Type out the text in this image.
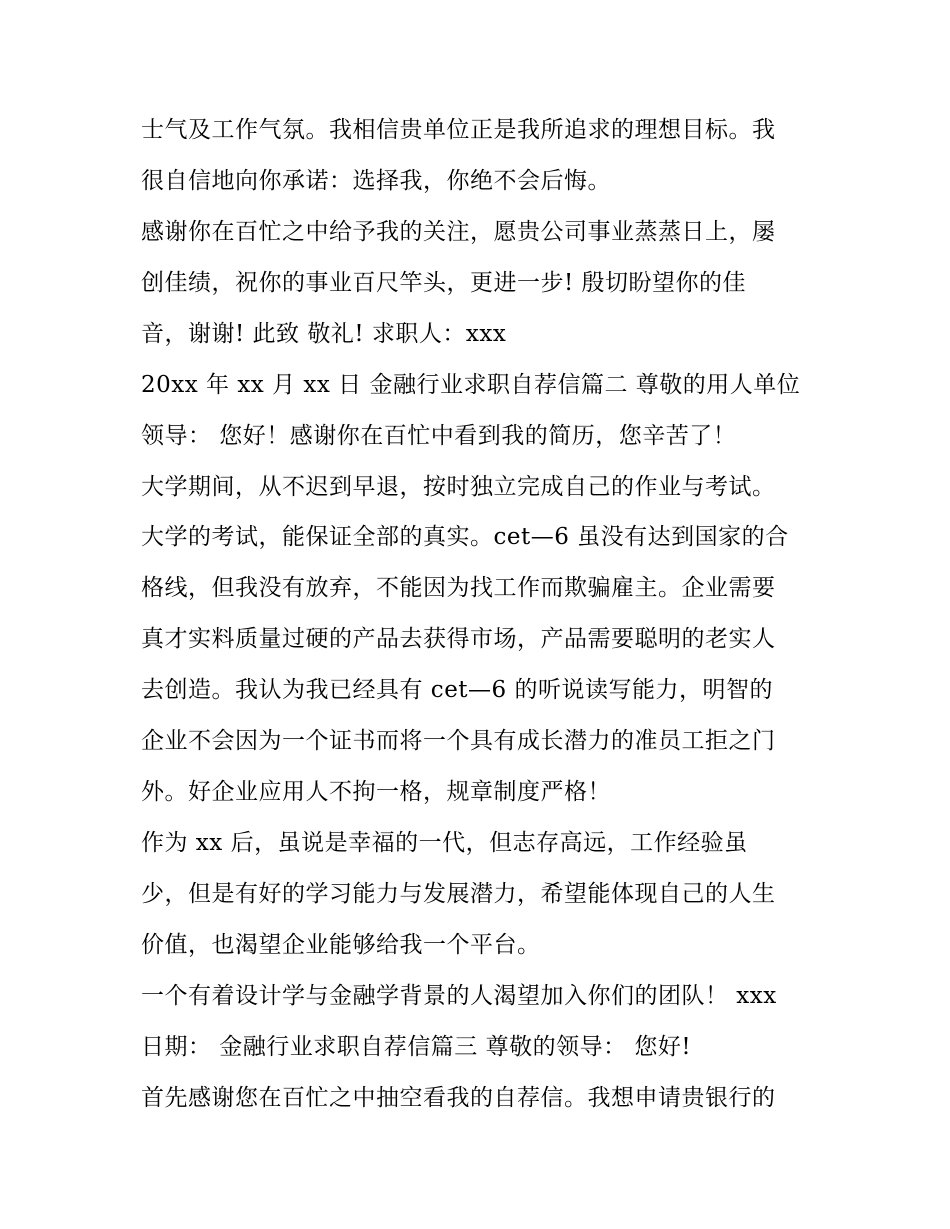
士气及工作气氛。我相信贵单位正是我所追求的理想目标。我

很自信地向你承诺：选择我，你绝不会后悔。

感谢你在百忙之中给予我的关注，愿贵公司事业蒸蒸日上，屡

创佳绩，祝你的事业百尺竿头，更进一步! 殷切盼望你的佳

音，谢谢! 此致 敬礼! 求职人：xxx

20xx 年 xx 月 xx 日 金融行业求职自荐信篇二 尊敬的用人单位

领导： 您好！感谢你在百忙中看到我的简历，您辛苦了！

大学期间，从不迟到早退，按时独立完成自己的作业与考试。

大学的考试，能保证全部的真实。cet—6 虽没有达到国家的合

格线，但我没有放弃，不能因为找工作而欺骗雇主。企业需要

真才实料质量过硬的产品去获得市场，产品需要聪明的老实人

去创造。我认为我已经具有 cet—6 的听说读写能力，明智的

企业不会因为一个证书而将一个具有成长潜力的准员工拒之门

外。好企业应用人不拘一格，规章制度严格！

作为 xx 后，虽说是幸福的一代，但志存高远，工作经验虽

少，但是有好的学习能力与发展潜力，希望能体现自己的人生

价值，也渴望企业能够给我一个平台。

一个有着设计学与金融学背景的人渴望加入你们的团队！ xxx

日期： 金融行业求职自荐信篇三 尊敬的领导： 您好!

首先感谢您在百忙之中抽空看我的自荐信。我想申请贵银行的
